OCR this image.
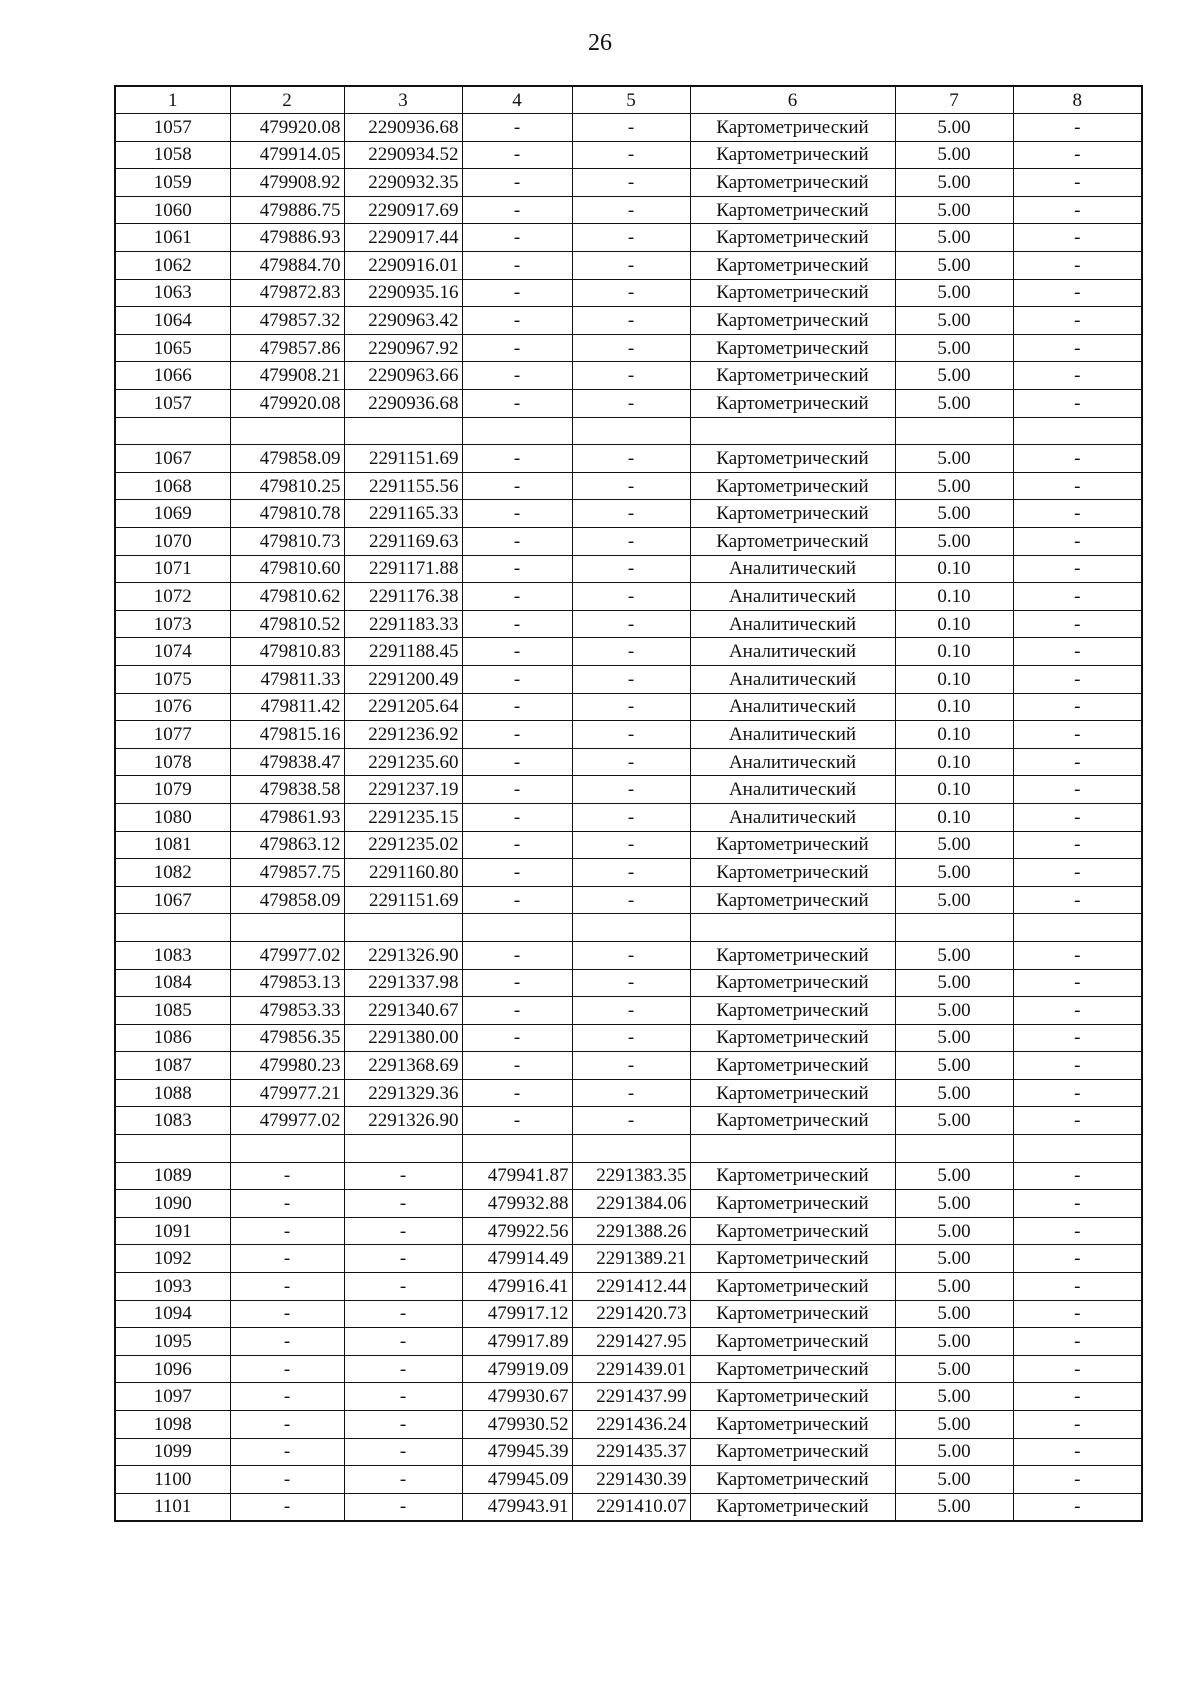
26
1	2	3	4	5	6	7	8
1057	479920.08	2290936.68	-	-	Картометрический	5.00	-
1058	479914.05	2290934.52	-	-	Картометрический	5.00	-
1059	479908.92	2290932.35	-	-	Картометрический	5.00	-
1060	479886.75	2290917.69	-	-	Картометрический	5.00	-
1061	479886.93	2290917.44	-	-	Картометрический	5.00	-
1062	479884.70	2290916.01	-	-	Картометрический	5.00	-
1063	479872.83	2290935.16	-	-	Картометрический	5.00	-
1064	479857.32	2290963.42	-	-	Картометрический	5.00	-
1065	479857.86	2290967.92	-	-	Картометрический	5.00	-
1066	479908.21	2290963.66	-	-	Картометрический	5.00	-
1057	479920.08	2290936.68	-	-	Картометрический	5.00	-

1067	479858.09	2291151.69	-	-	Картометрический	5.00	-
1068	479810.25	2291155.56	-	-	Картометрический	5.00	-
1069	479810.78	2291165.33	-	-	Картометрический	5.00	-
1070	479810.73	2291169.63	-	-	Картометрический	5.00	-
1071	479810.60	2291171.88	-	-	Аналитический	0.10	-
1072	479810.62	2291176.38	-	-	Аналитический	0.10	-
1073	479810.52	2291183.33	-	-	Аналитический	0.10	-
1074	479810.83	2291188.45	-	-	Аналитический	0.10	-
1075	479811.33	2291200.49	-	-	Аналитический	0.10	-
1076	479811.42	2291205.64	-	-	Аналитический	0.10	-
1077	479815.16	2291236.92	-	-	Аналитический	0.10	-
1078	479838.47	2291235.60	-	-	Аналитический	0.10	-
1079	479838.58	2291237.19	-	-	Аналитический	0.10	-
1080	479861.93	2291235.15	-	-	Аналитический	0.10	-
1081	479863.12	2291235.02	-	-	Картометрический	5.00	-
1082	479857.75	2291160.80	-	-	Картометрический	5.00	-
1067	479858.09	2291151.69	-	-	Картометрический	5.00	-

1083	479977.02	2291326.90	-	-	Картометрический	5.00	-
1084	479853.13	2291337.98	-	-	Картометрический	5.00	-
1085	479853.33	2291340.67	-	-	Картометрический	5.00	-
1086	479856.35	2291380.00	-	-	Картометрический	5.00	-
1087	479980.23	2291368.69	-	-	Картометрический	5.00	-
1088	479977.21	2291329.36	-	-	Картометрический	5.00	-
1083	479977.02	2291326.90	-	-	Картометрический	5.00	-

1089	-	-	479941.87	2291383.35	Картометрический	5.00	-
1090	-	-	479932.88	2291384.06	Картометрический	5.00	-
1091	-	-	479922.56	2291388.26	Картометрический	5.00	-
1092	-	-	479914.49	2291389.21	Картометрический	5.00	-
1093	-	-	479916.41	2291412.44	Картометрический	5.00	-
1094	-	-	479917.12	2291420.73	Картометрический	5.00	-
1095	-	-	479917.89	2291427.95	Картометрический	5.00	-
1096	-	-	479919.09	2291439.01	Картометрический	5.00	-
1097	-	-	479930.67	2291437.99	Картометрический	5.00	-
1098	-	-	479930.52	2291436.24	Картометрический	5.00	-
1099	-	-	479945.39	2291435.37	Картометрический	5.00	-
1100	-	-	479945.09	2291430.39	Картометрический	5.00	-
1101	-	-	479943.91	2291410.07	Картометрический	5.00	-
